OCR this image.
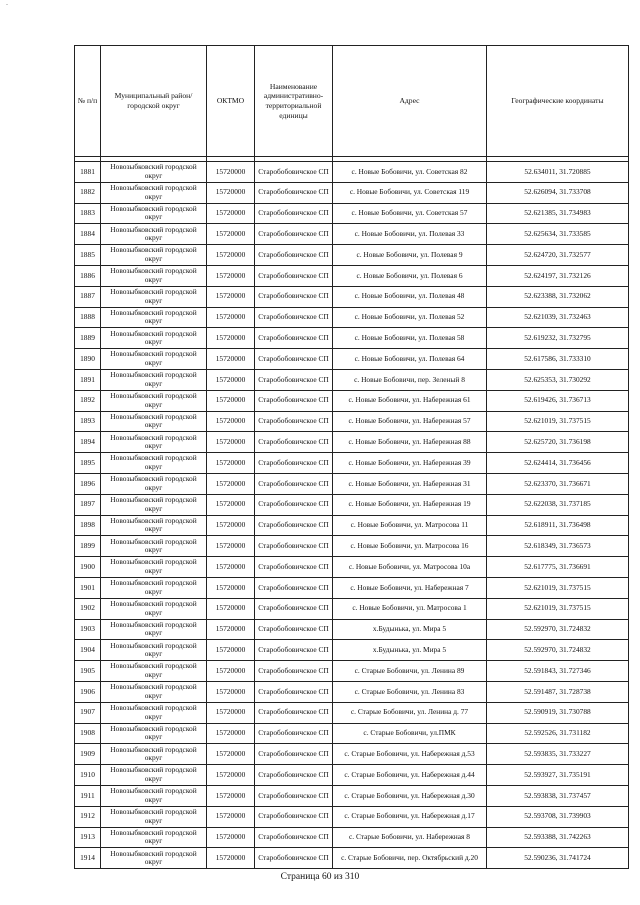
-
№ п/п	Муниципальный район/городской округ	ОКТМО	Наименование административно-территориальной единицы	Адрес	Географические координаты

1881	Новозыбковский городской округ	15720000	Старобобовичское СП	с. Новые Бобовичи, ул. Советская 82	52.634011, 31.720885
1882	Новозыбковский городской округ	15720000	Старобобовичское СП	с. Новые Бобовичи, ул. Советская 119	52.626094, 31.733708
1883	Новозыбковский городской округ	15720000	Старобобовичское СП	с. Новые Бобовичи, ул. Советская 57	52.621385, 31.734983
1884	Новозыбковский городской округ	15720000	Старобобовичское СП	с. Новые Бобовичи, ул. Полевая 33	52.625634, 31.733585
1885	Новозыбковский городской округ	15720000	Старобобовичское СП	с. Новые Бобовичи, ул. Полевая 9	52.624720, 31.732577
1886	Новозыбковский городской округ	15720000	Старобобовичское СП	с. Новые Бобовичи, ул. Полевая 6	52.624197, 31.732126
1887	Новозыбковский городской округ	15720000	Старобобовичское СП	с. Новые Бобовичи, ул. Полевая 48	52.623388, 31.732062
1888	Новозыбковский городской округ	15720000	Старобобовичское СП	с. Новые Бобовичи, ул. Полевая 52	52.621039, 31.732463
1889	Новозыбковский городской округ	15720000	Старобобовичское СП	с. Новые Бобовичи, ул. Полевая 58	52.619232, 31.732795
1890	Новозыбковский городской округ	15720000	Старобобовичское СП	с. Новые Бобовичи, ул. Полевая 64	52.617586, 31.733310
1891	Новозыбковский городской округ	15720000	Старобобовичское СП	с. Новые Бобовичи, пер. Зеленый 8	52.625353, 31.730292
1892	Новозыбковский городской округ	15720000	Старобобовичское СП	с. Новые Бобовичи, ул. Набережная 61	52.619426, 31.736713
1893	Новозыбковский городской округ	15720000	Старобобовичское СП	с. Новые Бобовичи, ул. Набережная 57	52.621019, 31.737515
1894	Новозыбковский городской округ	15720000	Старобобовичское СП	с. Новые Бобовичи, ул. Набережная 88	52.625720, 31.736198
1895	Новозыбковский городской округ	15720000	Старобобовичское СП	с. Новые Бобовичи, ул. Набережная 39	52.624414, 31.736456
1896	Новозыбковский городской округ	15720000	Старобобовичское СП	с. Новые Бобовичи, ул. Набережная 31	52.623370, 31.736671
1897	Новозыбковский городской округ	15720000	Старобобовичское СП	с. Новые Бобовичи, ул. Набережная 19	52.622038, 31.737185
1898	Новозыбковский городской округ	15720000	Старобобовичское СП	с. Новые Бобовичи, ул. Матросова 11	52.618911, 31.736498
1899	Новозыбковский городской округ	15720000	Старобобовичское СП	с. Новые Бобовичи, ул. Матросова 16	52.618349, 31.736573
1900	Новозыбковский городской округ	15720000	Старобобовичское СП	с. Новые Бобовичи, ул. Матросова 10а	52.617775, 31.736691
1901	Новозыбковский городской округ	15720000	Старобобовичское СП	с. Новые Бобовичи, ул. Набережная 7	52.621019, 31.737515
1902	Новозыбковский городской округ	15720000	Старобобовичское СП	с. Новые Бобовичи, ул. Матросова 1	52.621019, 31.737515
1903	Новозыбковский городской округ	15720000	Старобобовичское СП	х.Будынька, ул. Мира 5	52.592970, 31.724832
1904	Новозыбковский городской округ	15720000	Старобобовичское СП	х.Будынька, ул. Мира 5	52.592970, 31.724832
1905	Новозыбковский городской округ	15720000	Старобобовичское СП	с. Старые Бобовичи, ул. Ленина 89	52.591843, 31.727346
1906	Новозыбковский городской округ	15720000	Старобобовичское СП	с. Старые Бобовичи, ул. Ленина 83	52.591487, 31.728738
1907	Новозыбковский городской округ	15720000	Старобобовичское СП	с. Старые Бобовичи, ул. Ленина д. 77	52.590919, 31.730788
1908	Новозыбковский городской округ	15720000	Старобобовичское СП	с. Старые Бобовичи, ул.ПМК	52.592526, 31.731182
1909	Новозыбковский городской округ	15720000	Старобобовичское СП	с. Старые Бобовичи, ул. Набережная д.53	52.593835, 31.733227
1910	Новозыбковский городской округ	15720000	Старобобовичское СП	с. Старые Бобовичи, ул. Набережная д.44	52.593927, 31.735191
1911	Новозыбковский городской округ	15720000	Старобобовичское СП	с. Старые Бобовичи, ул. Набережная д.30	52.593838, 31.737457
1912	Новозыбковский городской округ	15720000	Старобобовичское СП	с. Старые Бобовичи, ул. Набережная д.17	52.593708, 31.739903
1913	Новозыбковский городской округ	15720000	Старобобовичское СП	с. Старые Бобовичи, ул. Набережная 8	52.593388, 31.742263
1914	Новозыбковский городской округ	15720000	Старобобовичское СП	с. Старые Бобовичи, пер. Октябрьский д.20	52.590236, 31.741724
Страница 60 из 310
